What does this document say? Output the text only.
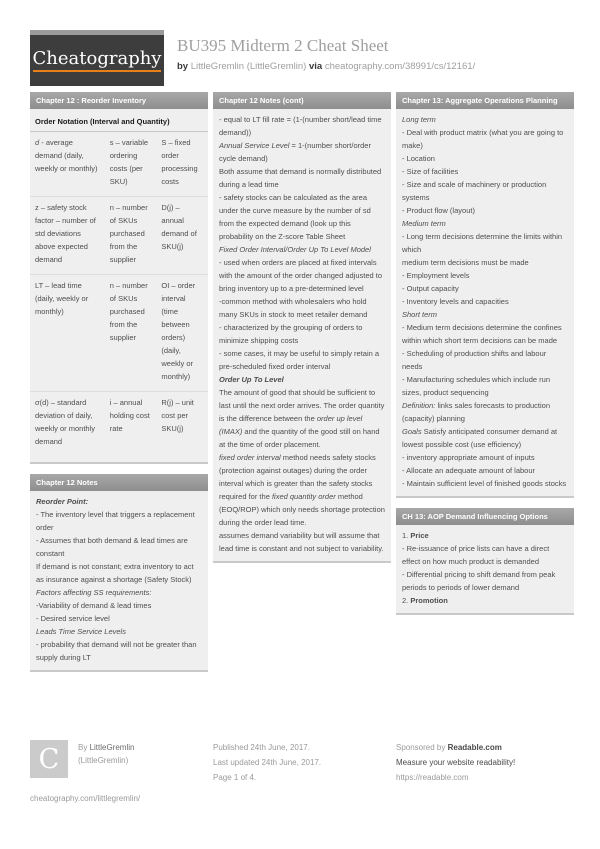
Cheatography
BU395 Midterm 2 Cheat Sheet
by LittleGremlin (LittleGremlin) via cheatography.com/38991/cs/12161/
Chapter 12 : Reorder Inventory
Order Notation (Interval and Quantity)
d - average demand (daily, weekly or monthly)
s – variable ordering costs (per SKU)
S – fixed order processing costs
z – safety stock factor – number of std deviations above expected demand
n – number of SKUs purchased from the supplier
D(j) – annual demand of SKU(j)
LT – lead time (daily, weekly or monthly)
n – number of SKUs purchased from the supplier
OI – order interval (time between orders) (daily, weekly or monthly)
σ(d) – standard deviation of daily, weekly or monthly demand
i – annual holding cost rate
R(j) – unit cost per SKU(j)
Chapter 12 Notes

Reorder Point:

- The inventory level that triggers a replacement order

- Assumes that both demand & lead times are constant

If demand is not constant; extra inventory to act as insurance against a shortage (Safety Stock)

Factors affecting SS requirements:

-Variability of demand & lead times

- Desired service level

Leads Time Service Levels

- probability that demand will not be greater than supply during LT

Chapter 12 Notes (cont)

- equal to LT fill rate = (1-(number short/lead time demand))

Annual Service Level = 1-(number short/order cycle demand)

Both assume that demand is normally distributed during a lead time

- safety stocks can be calculated as the area under the curve measure by the number of sd from the expected demand (look up this probability on the Z-score Table Sheet

Fixed Order Interval/Order Up To Level Model

- used when orders are placed at fixed intervals with the amount of the order changed adjusted to bring inventory up to a pre-determined level

-common method with wholesalers who hold many SKUs in stock to meet retailer demand

- characterized by the grouping of orders to minimize shipping costs

- some cases, it may be useful to simply retain a pre-scheduled fixed order interval

Order Up To Level

The amount of good that should be sufficient to last until the next order arrives. The order quantity is the difference between the order up level (IMAX) and the quantity of the good still on hand at the time of order placement.

fixed order interval method needs safety stocks (protection against outages) during the order interval which is greater than the safety stocks required for the fixed quantity order method (EOQ/ROP) which only needs shortage protection during the order lead time.

assumes demand variability but will assume that lead time is constant and not subject to variability.

Chapter 13: Aggregate Operations Planning

Long term

- Deal with product matrix (what you are going to make)

- Location

- Size of facilities

- Size and scale of machinery or production systems

- Product flow (layout)

Medium term

- Long term decisions determine the limits within which

medium term decisions must be made

- Employment levels

- Output capacity

- Inventory levels and capacities

Short term

- Medium term decisions determine the confines within which short term decisions can be made

- Scheduling of production shifts and labour needs

- Manufacturing schedules which include run sizes, product sequencing

Definition: links sales forecasts to production (capacity) planning

Goals Satisfy anticipated consumer demand at lowest possible cost (use efficiency)

- inventory appropriate amount of inputs

- Allocate an adequate amount of labour

- Maintain sufficient level of finished goods stocks

CH 13: AOP Demand Influencing Options

1. Price

- Re-issuance of price lists can have a direct effect on how much product is demanded

- Differential pricing to shift demand from peak periods to periods of lower demand

2. Promotion

C	By LittleGremlin
(LittleGremlin)
cheatography.com/littlegremlin/
Published 24th June, 2017.
Last updated 24th June, 2017.
Page 1 of 4.
Sponsored by Readable.com
Measure your website readability!
https://readable.com
